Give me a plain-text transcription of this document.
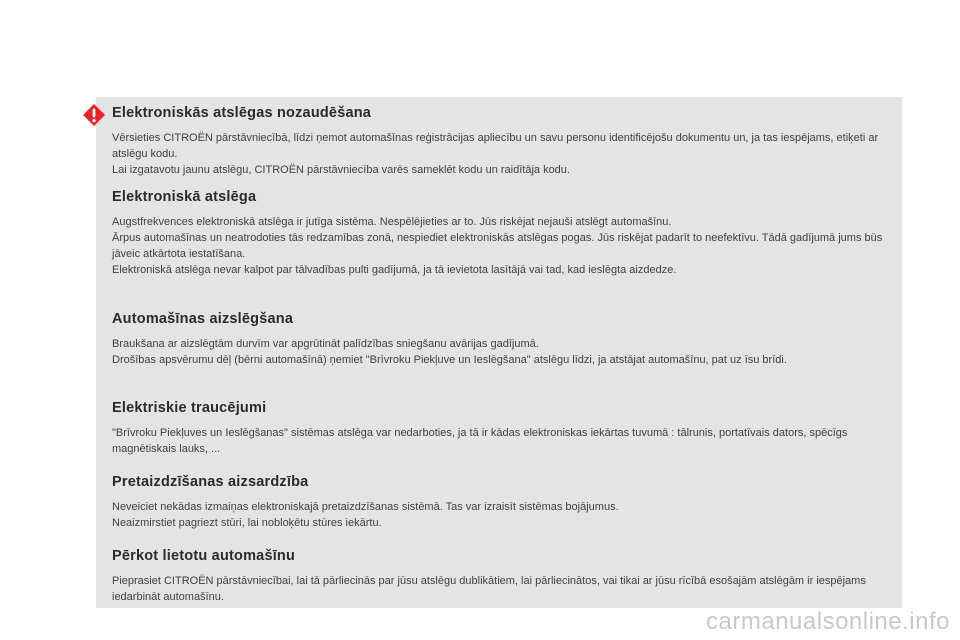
Elektroniskās atslēgas nozaudēšana

Vērsieties CITROËN pārstāvniecībā, līdzi ņemot automašīnas reģistrācijas apliecību un savu personu identificējošu dokumentu un, ja tas iespējams, etiķeti ar atslēgu kodu.

Lai izgatavotu jaunu atslēgu, CITROËN pārstāvniecība varēs sameklēt kodu un raidītāja kodu.

Elektroniskā atslēga

Augstfrekvences elektroniskā atslēga ir jutīga sistēma. Nespēlējieties ar to. Jūs riskējat nejauši atslēgt automašīnu.

Ārpus automašīnas un neatrodoties tās redzamības zonā, nespiediet elektroniskās atslēgas pogas. Jūs riskējat padarīt to neefektīvu. Tādā gadījumā jums būs jāveic atkārtota iestatīšana.

Elektroniskā atslēga nevar kalpot par tālvadības pulti gadījumā, ja tā ievietota lasītājā vai tad, kad ieslēgta aizdedze.

Automašīnas aizslēgšana

Braukšana ar aizslēgtām durvīm var apgrūtināt palīdzības sniegšanu avārijas gadījumā.

Drošības apsvērumu dēļ (bērni automašīnā) ņemiet "Brīvroku Piekļuve un Ieslēgšana" atslēgu līdzi, ja atstājat automašīnu, pat uz īsu brīdi.

Elektriskie traucējumi

"Brīvroku Piekļuves un Ieslēgšanas" sistēmas atslēga var nedarboties, ja tā ir kādas elektroniskas iekārtas tuvumā : tālrunis, portatīvais dators, spēcīgs magnētiskais lauks, ...

Pretaizdzīšanas aizsardzība

Neveiciet nekādas izmaiņas elektroniskajā pretaizdzīšanas sistēmā. Tas var izraisīt sistēmas bojājumus.

Neaizmirstiet pagriezt stūri, lai nobloķētu stūres iekārtu.

Pērkot lietotu automašīnu

Pieprasiet CITROËN pārstāvniecībai, lai tā pārliecinās par jūsu atslēgu dublikātiem, lai pārliecinātos, vai tikai ar jūsu rīcībā esošajām atslēgām ir iespējams iedarbināt automašīnu.

carmanualsonline.info
